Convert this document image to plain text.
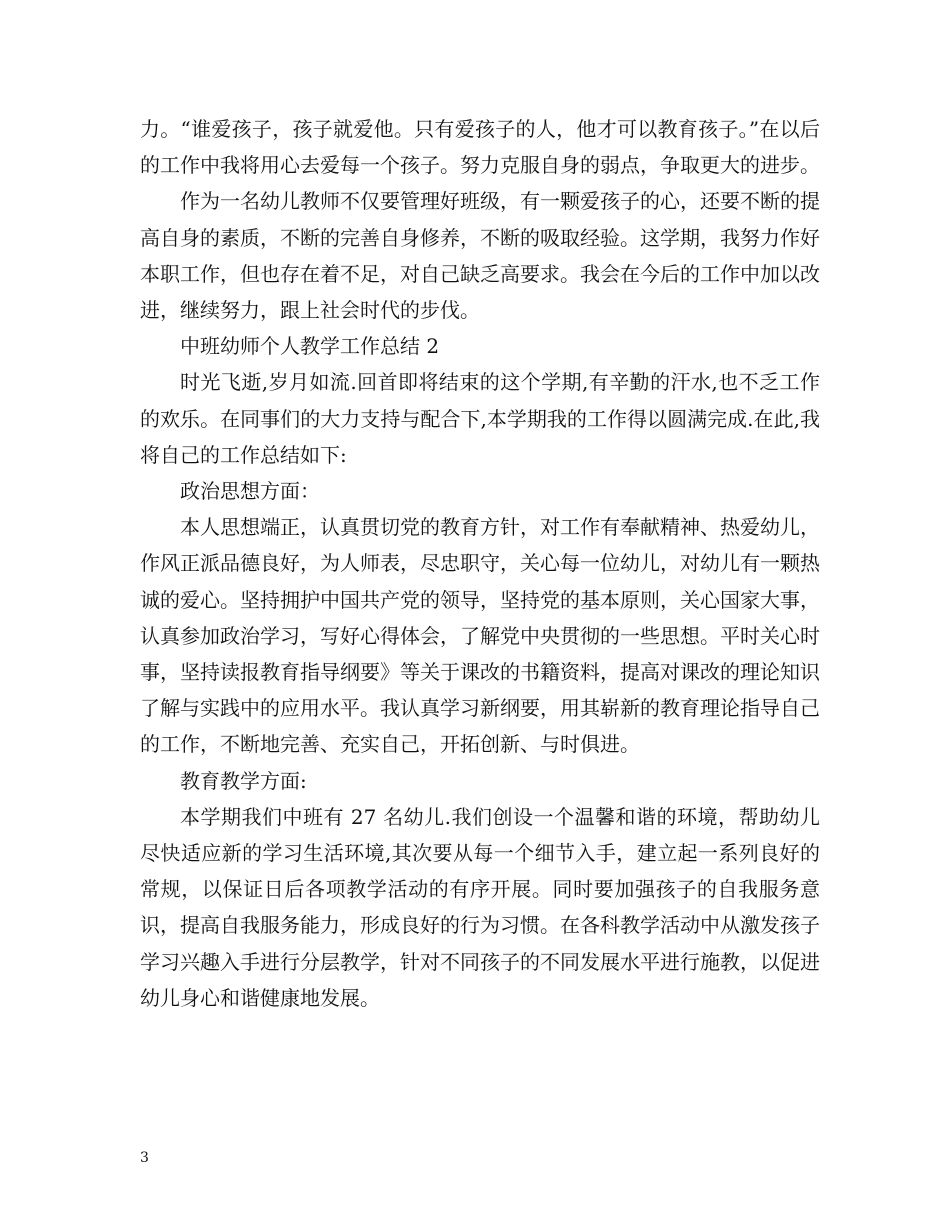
力。“谁爱孩子，孩子就爱他。只有爱孩子的人，他才可以教育孩子。”在以后的工作中我将用心去爱每一个孩子。努力克服自身的弱点，争取更大的进步。

作为一名幼儿教师不仅要管理好班级，有一颗爱孩子的心，还要不断的提高自身的素质，不断的完善自身修养，不断的吸取经验。这学期，我努力作好本职工作，但也存在着不足，对自己缺乏高要求。我会在今后的工作中加以改进，继续努力，跟上社会时代的步伐。

中班幼师个人教学工作总结 2

时光飞逝,岁月如流.回首即将结束的这个学期,有辛勤的汗水,也不乏工作的欢乐。在同事们的大力支持与配合下,本学期我的工作得以圆满完成.在此,我将自己的工作总结如下:

政治思想方面：

本人思想端正，认真贯切党的教育方针，对工作有奉献精神、热爱幼儿，作风正派品德良好，为人师表，尽忠职守，关心每一位幼儿，对幼儿有一颗热诚的爱心。坚持拥护中国共产党的领导，坚持党的基本原则，关心国家大事，认真参加政治学习，写好心得体会，了解党中央贯彻的一些思想。平时关心时事，坚持读报教育指导纲要》等关于课改的书籍资料，提高对课改的理论知识了解与实践中的应用水平。我认真学习新纲要，用其崭新的教育理论指导自己的工作，不断地完善、充实自己，开拓创新、与时俱进。

教育教学方面:

本学期我们中班有 27 名幼儿.我们创设一个温馨和谐的环境，帮助幼儿尽快适应新的学习生活环境,其次要从每一个细节入手，建立起一系列良好的常规，以保证日后各项教学活动的有序开展。同时要加强孩子的自我服务意识，提高自我服务能力，形成良好的行为习惯。在各科教学活动中从激发孩子学习兴趣入手进行分层教学，针对不同孩子的不同发展水平进行施教，以促进幼儿身心和谐健康地发展。

3
